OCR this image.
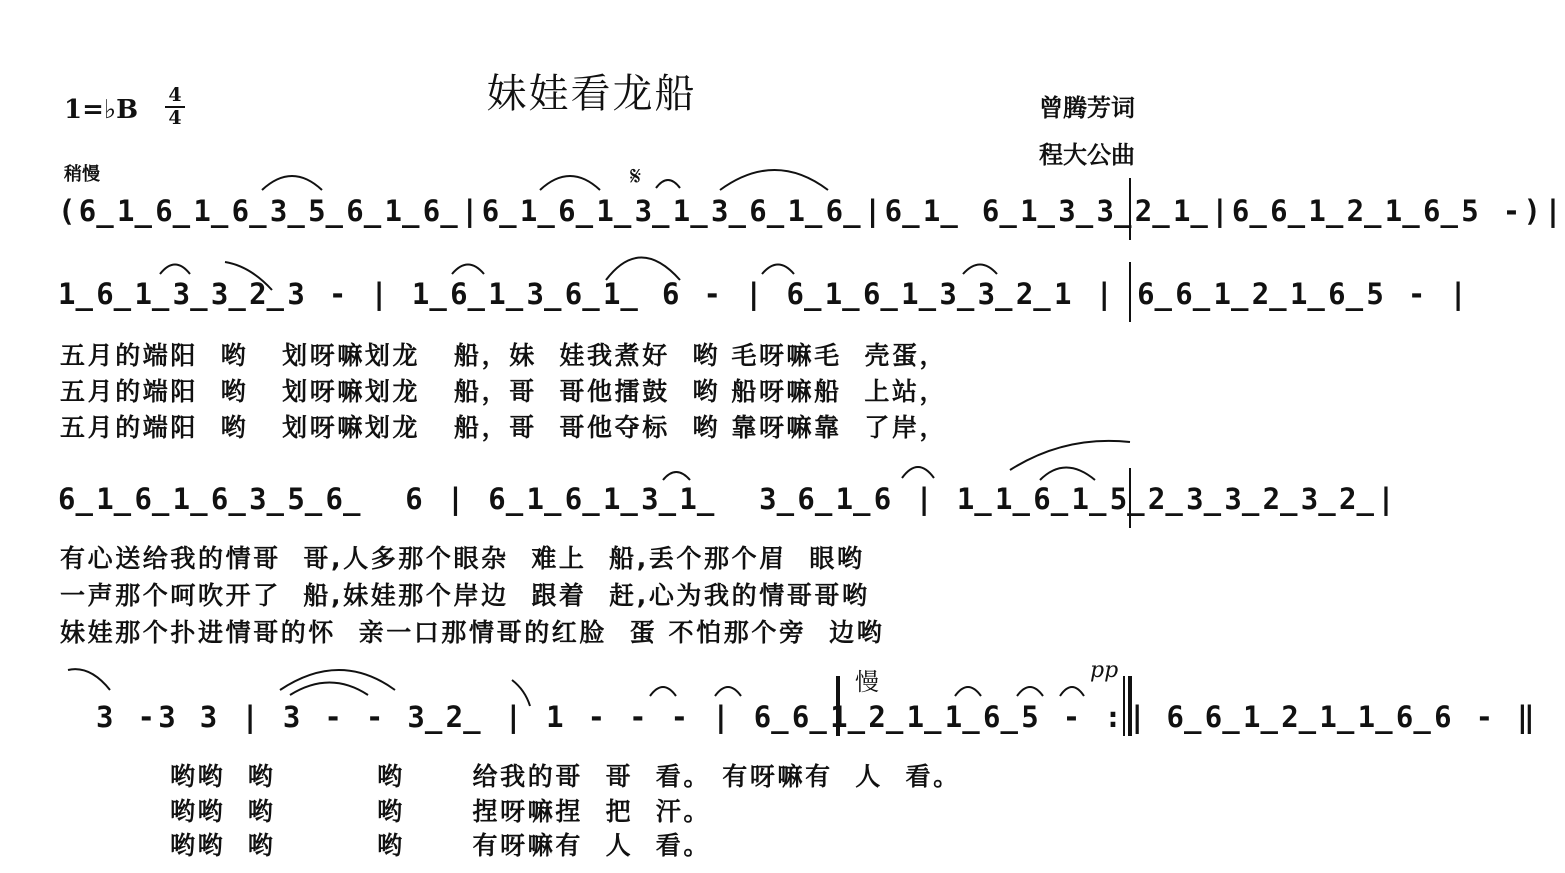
妹娃看龙船	曾腾芳词
程大公曲
1=♭B 4
4
稍慢	𝄋
(6̲1̲6̲1̲6̲3̲5̲6̲1̲6̲|6̲1̲6̲1̲3̲1̲3̲6̲1̲6̲|6̲1̲ 6̲1̲3̲3̲2̲1̲|6̲6̲1̲2̲1̲6̲5 -)|
1̲6̲1̲3̲3̲2̲3 - | 1̲6̲1̲3̲6̲1̲ 6 - | 6̲1̲6̲1̲3̲3̲2̲1 | 6̲6̲1̲2̲1̲6̲5 - |
五月的端阳  哟   划呀嘛划龙   船，妹  娃我煮好  哟 毛呀嘛毛  壳蛋，
五月的端阳  哟   划呀嘛划龙   船，哥  哥他擂鼓  哟 船呀嘛船  上站，
五月的端阳  哟   划呀嘛划龙   船，哥  哥他夺标  哟 靠呀嘛靠  了岸，
6̲1̲6̲1̲6̲3̲5̲6̲  6 | 6̲1̲6̲1̲3̲1̲  3̲6̲1̲6 | 1̲1̲6̲1̲5̲2̲3̲3̲2̲3̲2̲|
有心送给我的情哥  哥,人多那个眼杂  难上  船,丢个那个眉  眼哟
一声那个呵吹开了  船,妹娃那个岸边  跟着  赶,心为我的情哥哥哟
妹娃那个扑进情哥的怀  亲一口那情哥的红脸  蛋 不怕那个旁  边哟
慢	pp
3 -3 3 | 3 - - 3̲2̲ | 1 - - - | 6̲6̲1̲2̲1̲1̲6̲5 - :‖ 6̲6̲1̲2̲1̲1̲6̲6 - ‖
哟哟  哟         哟      给我的哥  哥  看。 有呀嘛有  人  看。
哟哟  哟         哟      捏呀嘛捏  把  汗。
哟哟  哟         哟      有呀嘛有  人  看。
